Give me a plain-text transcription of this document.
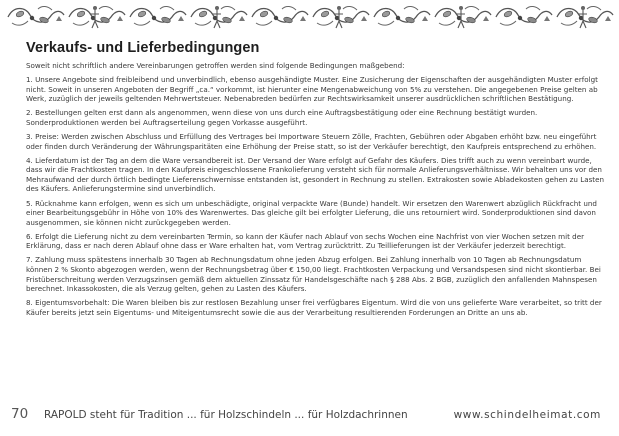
Verkaufs- und Lieferbedingungen

Soweit nicht schriftlich andere Vereinbarungen getroffen werden sind folgende Bedingungen maßgebend:

1. Unsere Angebote sind freibleibend und unverbindlich, ebenso ausgehändigte Muster. Eine Zusicherung der Eigenschaften der ausgehändigten Muster erfolgt nicht. Soweit in unseren Angeboten der Begriff „ca.“ vorkommt, ist hierunter eine Mengenabweichung von 5% zu verstehen. Die angegebenen Preise gelten ab Werk, zuzüglich der jeweils geltenden Mehrwertsteuer. Nebenabreden bedürfen zur Rechtswirksamkeit unserer ausdrücklichen schriftlichen Bestätigung.

2. Bestellungen gelten erst dann als angenommen, wenn diese von uns durch eine Auftragsbestätigung oder eine Rechnung bestätigt wurden. Sonderproduktionen werden bei Auftragserteilung gegen Vorkasse ausgeführt.

3. Preise: Werden zwischen Abschluss und Erfüllung des Vertrages bei Importware Steuern Zölle, Frachten, Gebühren oder Abgaben erhöht bzw. neu eingeführt oder finden durch Veränderung der Währungsparitäten eine Erhöhung der Preise statt, so ist der Verkäufer berechtigt, den Kaufpreis entsprechend zu erhöhen.

4. Lieferdatum ist der Tag an dem die Ware versandbereit ist. Der Versand der Ware erfolgt auf Gefahr des Käufers. Dies trifft auch zu wenn vereinbart wurde, dass wir die Frachtkosten tragen. In den Kaufpreis eingeschlossene Frankolieferung versteht sich für normale Anlieferungsverhältnisse. Wir behalten uns vor den Mehraufwand der durch örtlich bedingte Lieferenschwernisse entstanden ist, gesondert in Rechnung zu stellen. Extrakosten sowie Abladekosten gehen zu Lasten des Käufers. Anlieferungstermine sind unverbindlich.

5. Rücknahme kann erfolgen, wenn es sich um unbeschädigte, original verpackte Ware (Bunde) handelt. Wir ersetzen den Warenwert abzüglich Rückfracht und einer Bearbeitungsgebühr in Höhe von 10% des Warenwertes. Das gleiche gilt bei erfolgter Lieferung, die uns retourniert wird. Sonderproduktionen sind davon ausgenommen, sie können nicht zurückgegeben werden.

6. Erfolgt die Lieferung nicht zu dem vereinbarten Termin, so kann der Käufer nach Ablauf von sechs Wochen eine Nachfrist von vier Wochen setzen mit der Erklärung, dass er nach deren Ablauf ohne dass er Ware erhalten hat, vom Vertrag zurücktritt. Zu Teillieferungen ist der Verkäufer jederzeit berechtigt.

7. Zahlung muss spätestens innerhalb 30 Tagen ab Rechnungsdatum ohne jeden Abzug erfolgen. Bei Zahlung innerhalb von 10 Tagen ab Rechnungsdatum können 2 % Skonto abgezogen werden, wenn der Rechnungsbetrag über € 150,00 liegt. Frachtkosten Verpackung und Versandspesen sind nicht skontierbar. Bei Fristüberschreitung werden Verzugszinsen gemäß dem aktuellen Zinssatz für Handelsgeschäfte nach § 288 Abs. 2 BGB, zuzüglich den anfallenden Mahnspesen berechnet. Inkassokosten, die als Verzug gelten, gehen zu Lasten des Käufers.

8. Eigentumsvorbehalt: Die Waren bleiben bis zur restlosen Bezahlung unser frei verfügbares Eigentum. Wird die von uns gelieferte Ware verarbeitet, so tritt der Käufer bereits jetzt sein Eigentums- und Miteigentumsrecht sowie die aus der Verarbeitung resultierenden Forderungen an Dritte an uns ab.

70 RAPOLD steht für Tradition ... für Holzschindeln ... für Holzdachrinnen	www.schindelheimat.com
